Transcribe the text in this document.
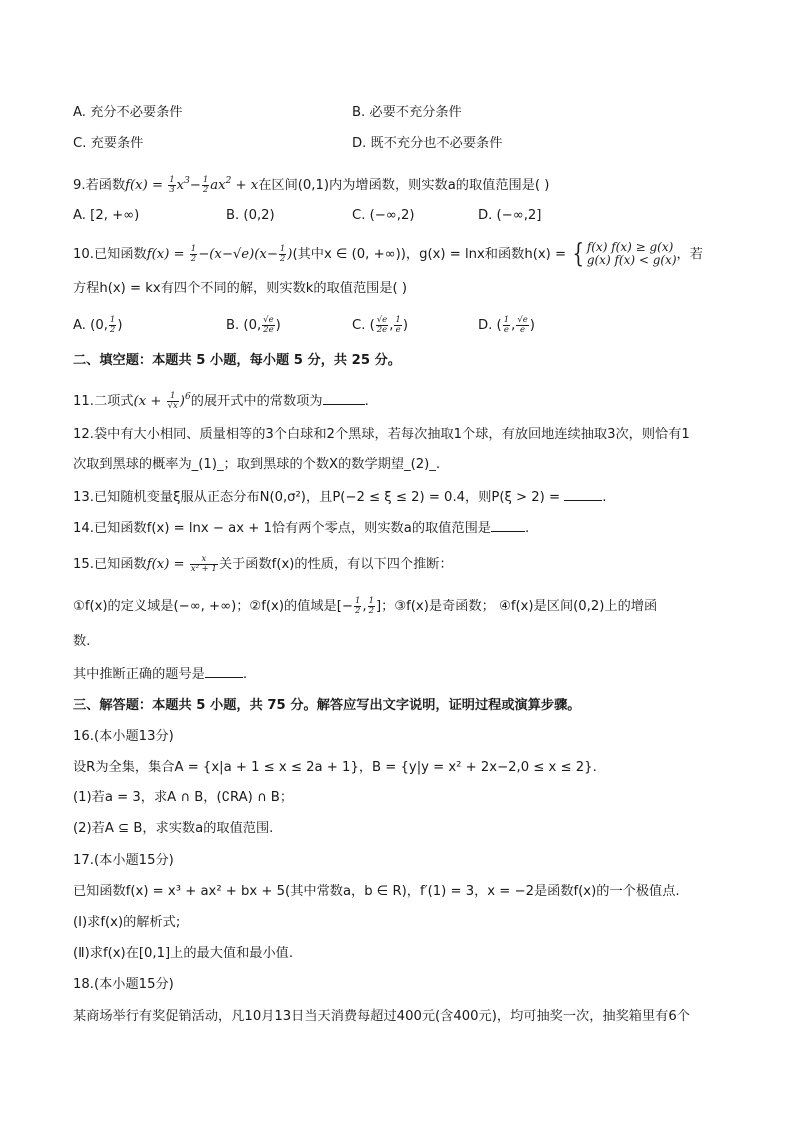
A. 充分不必要条件	B. 必要不充分条件
C. 充要条件	D. 既不充分也不必要条件
9.若函数$f(x) = \frac{1}{3} x^3- \frac{1}{2} ax^2 + x$在区间(0,1)内为增函数，则实数a的取值范围是( )
A. [2, +∞)	B. (0,2)	C. (−∞,2)	D. (−∞,2]
10.已知函数$f(x) = \frac{1}{2} -(x-√e)(x- \frac{1}{2}$ )(其中x ∈ (0, +∞))，g(x) = lnx和函数h(x) = { f(x) f(x) ≥ g(x)
g(x) f(x) < g(x) ，若
方程h(x) = kx有四个不同的解，则实数k的取值范围是( )
A. (0, $\frac{1}{2}$ )	B. (0, $\frac{√e}{2e}$ )	C. ( $\frac{√e}{2e}$ , $\frac{1}{e}$ )	D. ( $\frac{1}{e}$ , $\frac{√e}{e}$ )
二、填空题：本题共 5 小题，每小题 5 分，共 25 分。
11.二项式$(x + \frac{1}{√x} )^6$的展开式中的常数项为	.
12.袋中有大小相同、质量相等的3个白球和2个黑球，若每次抽取1个球，有放回地连续抽取3次，则恰有1
次取到黑球的概率为_(1)_；取到黑球的个数X的数学期望_(2)_.
13.已知随机变量ξ服从正态分布N(0,σ²)，且P(−2 ≤ ξ ≤ 2) = 0.4，则P(ξ > 2) =	.
14.已知函数f(x) = lnx − ax + 1恰有两个零点，则实数a的取值范围是	.
15.已知函数$f(x) = \frac{x}{\text{x² + 1}}$ 关于函数f(x)的性质，有以下四个推断：
①f(x)的定义域是(−∞, +∞)；②f(x)的值域是[− $\frac{1}{2}$ , $\frac{1}{2}$ ]；③f(x)是奇函数； ④f(x)是区间(0,2)上的增函
数.
其中推断正确的题号是	.
三、解答题：本题共 5 小题，共 75 分。解答应写出文字说明，证明过程或演算步骤。
16.(本小题13分)
设R为全集，集合A = {x|a + 1 ≤ x ≤ 2a + 1}，B = {y|y = x² + 2x−2,0 ≤ x ≤ 2}.
(1)若a = 3，求A ∩ B，(∁RA) ∩ B；
(2)若A ⊆ B，求实数a的取值范围.
17.(本小题15分)
已知函数f(x) = x³ + ax² + bx + 5(其中常数a，b ∈ R)，f′(1) = 3，x = −2是函数f(x)的一个极值点.
(Ⅰ)求f(x)的解析式;
(Ⅱ)求f(x)在[0,1]上的最大值和最小值.
18.(本小题15分)
某商场举行有奖促销活动，凡10月13日当天消费每超过400元(含400元)，均可抽奖一次，抽奖箱里有6个
